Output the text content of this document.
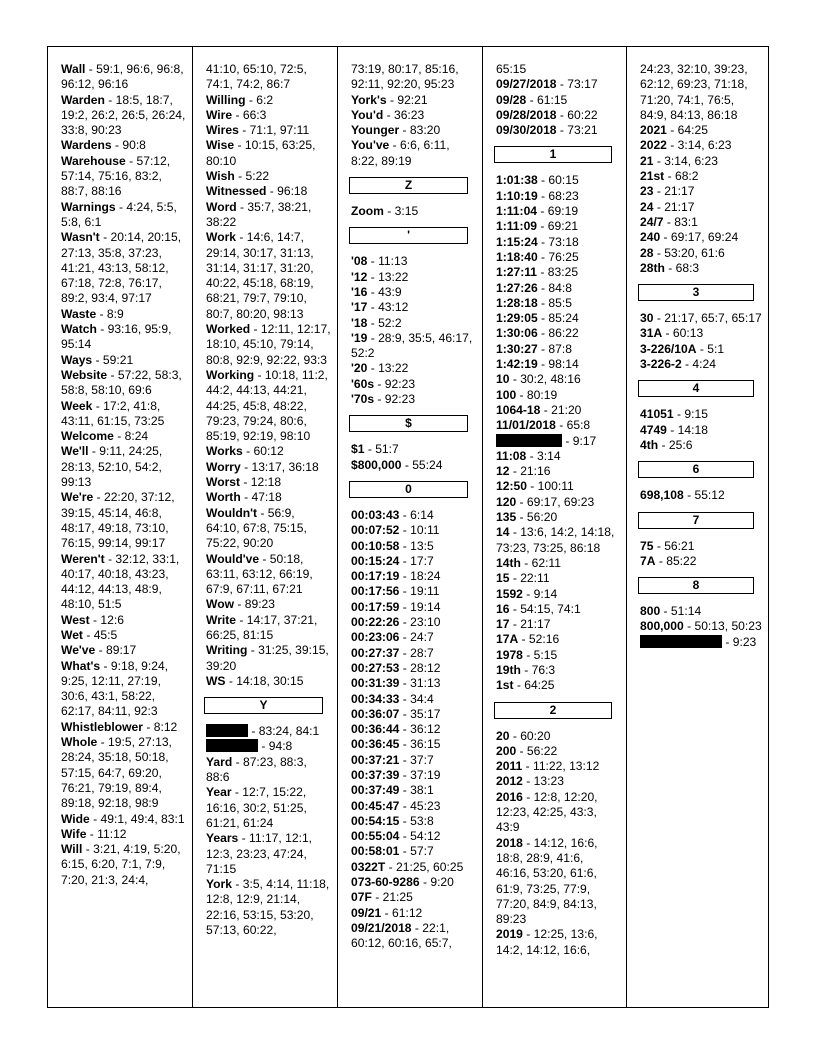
Wall - 59:1, 96:6, 96:8, 96:12, 96:16
Warden - 18:5, 18:7, 19:2, 26:2, 26:5, 26:24, 33:8, 90:23
Wardens - 90:8
Warehouse - 57:12, 57:14, 75:16, 83:2, 88:7, 88:16
Warnings - 4:24, 5:5, 5:8, 6:1
Wasn't - 20:14, 20:15, 27:13, 35:8, 37:23, 41:21, 43:13, 58:12, 67:18, 72:8, 76:17, 89:2, 93:4, 97:17
Waste - 8:9
Watch - 93:16, 95:9, 95:14
Ways - 59:21
Website - 57:22, 58:3, 58:8, 58:10, 69:6
Week - 17:2, 41:8, 43:11, 61:15, 73:25
Welcome - 8:24
We'll - 9:11, 24:25, 28:13, 52:10, 54:2, 99:13
We're - 22:20, 37:12, 39:15, 45:14, 46:8, 48:17, 49:18, 73:10, 76:15, 99:14, 99:17
Weren't - 32:12, 33:1, 40:17, 40:18, 43:23, 44:12, 44:13, 48:9, 48:10, 51:5
West - 12:6
Wet - 45:5
We've - 89:17
What's - 9:18, 9:24, 9:25, 12:11, 27:19, 30:6, 43:1, 58:22, 62:17, 84:11, 92:3
Whistleblower - 8:12
Whole - 19:5, 27:13, 28:24, 35:18, 50:18, 57:15, 64:7, 69:20, 76:21, 79:19, 89:4, 89:18, 92:18, 98:9
Wide - 49:1, 49:4, 83:1
Wife - 11:12
Will - 3:21, 4:19, 5:20, 6:15, 6:20, 7:1, 7:9, 7:20, 21:3, 24:4,
41:10, 65:10, 72:5, 74:1, 74:2, 86:7
Willing - 6:2
Wire - 66:3
Wires - 71:1, 97:11
Wise - 10:15, 63:25, 80:10
Wish - 5:22
Witnessed - 96:18
Word - 35:7, 38:21, 38:22
Work - 14:6, 14:7, 29:14, 30:17, 31:13, 31:14, 31:17, 31:20, 40:22, 45:18, 68:19, 68:21, 79:7, 79:10, 80:7, 80:20, 98:13
Worked - 12:11, 12:17, 18:10, 45:10, 79:14, 80:8, 92:9, 92:22, 93:3
Working - 10:18, 11:2, 44:2, 44:13, 44:21, 44:25, 45:8, 48:22, 79:23, 79:24, 80:6, 85:19, 92:19, 98:10
Works - 60:12
Worry - 13:17, 36:18
Worst - 12:18
Worth - 47:18
Wouldn't - 56:9, 64:10, 67:8, 75:15, 75:22, 90:20
Would've - 50:18, 63:11, 63:12, 66:19, 67:9, 67:11, 67:21
Wow - 89:23
Write - 14:17, 37:21, 66:25, 81:15
Writing - 31:25, 39:15, 39:20
WS - 14:18, 30:15
Y
- 83:24, 84:1
- 94:8
Yard - 87:23, 88:3, 88:6
Year - 12:7, 15:22, 16:16, 30:2, 51:25, 61:21, 61:24
Years - 11:17, 12:1, 12:3, 23:23, 47:24, 71:15
York - 3:5, 4:14, 11:18, 12:8, 12:9, 21:14, 22:16, 53:15, 53:20, 57:13, 60:22,
73:19, 80:17, 85:16, 92:11, 92:20, 95:23
York's - 92:21
You'd - 36:23
Younger - 83:20
You've - 6:6, 6:11, 8:22, 89:19
Z
Zoom - 3:15
'
'08 - 11:13
'12 - 13:22
'16 - 43:9
'17 - 43:12
'18 - 52:2
'19 - 28:9, 35:5, 46:17, 52:2
'20 - 13:22
'60s - 92:23
'70s - 92:23
$
$1 - 51:7
$800,000 - 55:24
0
00:03:43 - 6:14
00:07:52 - 10:11
00:10:58 - 13:5
00:15:24 - 17:7
00:17:19 - 18:24
00:17:56 - 19:11
00:17:59 - 19:14
00:22:26 - 23:10
00:23:06 - 24:7
00:27:37 - 28:7
00:27:53 - 28:12
00:31:39 - 31:13
00:34:33 - 34:4
00:36:07 - 35:17
00:36:44 - 36:12
00:36:45 - 36:15
00:37:21 - 37:7
00:37:39 - 37:19
00:37:49 - 38:1
00:45:47 - 45:23
00:54:15 - 53:8
00:55:04 - 54:12
00:58:01 - 57:7
0322T - 21:25, 60:25
073-60-9286 - 9:20
07F - 21:25
09/21 - 61:12
09/21/2018 - 22:1, 60:12, 60:16, 65:7,
65:15
09/27/2018 - 73:17
09/28 - 61:15
09/28/2018 - 60:22
09/30/2018 - 73:21
1
1:01:38 - 60:15
1:10:19 - 68:23
1:11:04 - 69:19
1:11:09 - 69:21
1:15:24 - 73:18
1:18:40 - 76:25
1:27:11 - 83:25
1:27:26 - 84:8
1:28:18 - 85:5
1:29:05 - 85:24
1:30:06 - 86:22
1:30:27 - 87:8
1:42:19 - 98:14
10 - 30:2, 48:16
100 - 80:19
1064-18 - 21:20
11/01/2018 - 65:8
- 9:17
11:08 - 3:14
12 - 21:16
12:50 - 100:11
120 - 69:17, 69:23
135 - 56:20
14 - 13:6, 14:2, 14:18, 73:23, 73:25, 86:18
14th - 62:11
15 - 22:11
1592 - 9:14
16 - 54:15, 74:1
17 - 21:17
17A - 52:16
1978 - 5:15
19th - 76:3
1st - 64:25
2
20 - 60:20
200 - 56:22
2011 - 11:22, 13:12
2012 - 13:23
2016 - 12:8, 12:20, 12:23, 42:25, 43:3, 43:9
2018 - 14:12, 16:6, 18:8, 28:9, 41:6, 46:16, 53:20, 61:6, 61:9, 73:25, 77:9, 77:20, 84:9, 84:13, 89:23
2019 - 12:25, 13:6, 14:2, 14:12, 16:6,
24:23, 32:10, 39:23, 62:12, 69:23, 71:18, 71:20, 74:1, 76:5, 84:9, 84:13, 86:18
2021 - 64:25
2022 - 3:14, 6:23
21 - 3:14, 6:23
21st - 68:2
23 - 21:17
24 - 21:17
24/7 - 83:1
240 - 69:17, 69:24
28 - 53:20, 61:6
28th - 68:3
3
30 - 21:17, 65:7, 65:17
31A - 60:13
3-226/10A - 5:1
3-226-2 - 4:24
4
41051 - 9:15
4749 - 14:18
4th - 25:6
6
698,108 - 55:12
7
75 - 56:21
7A - 85:22
8
800 - 51:14
800,000 - 50:13, 50:23
- 9:23
